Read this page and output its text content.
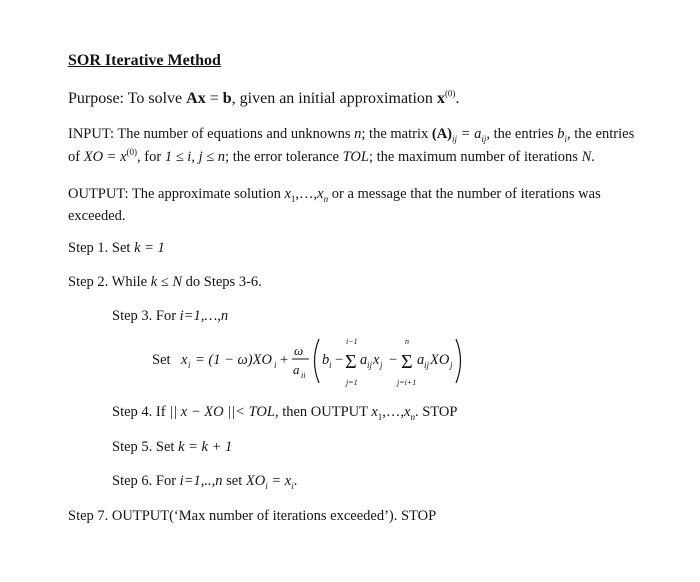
SOR Iterative Method
Purpose: To solve Ax = b, given an initial approximation $x^{(0)}$.
INPUT: The number of equations and unknowns n; the matrix $(A)_{ij} = a_{ij}$, the entries $b_i$, the entries
of XO = $x^{(0)}$, for 1 ≤ i, j ≤ n; the error tolerance TOL; the maximum number of iterations N.
OUTPUT: The approximate solution $x_1,\dots,x_n$ or a message that the number of iterations was
exceeded.
Step 1. Set k = 1
Step 2. While k ≤ N do Steps 3-6.
Step 3. For i=1,…,n
Set x i = (1 − ω)XO i +
ω
a ii
b i −
i−1
Σ
j=1
a ij x j −
n
Σ
j=i+1
a ij XO j
Step 4. If || x − XO ||< TOL, then OUTPUT $x_1,\dots,x_n$. STOP
Step 5. Set k = k + 1
Step 6. For i=1,..,n set $XO_i = x_i$.
Step 7. OUTPUT(‘Max number of iterations exceeded’). STOP
